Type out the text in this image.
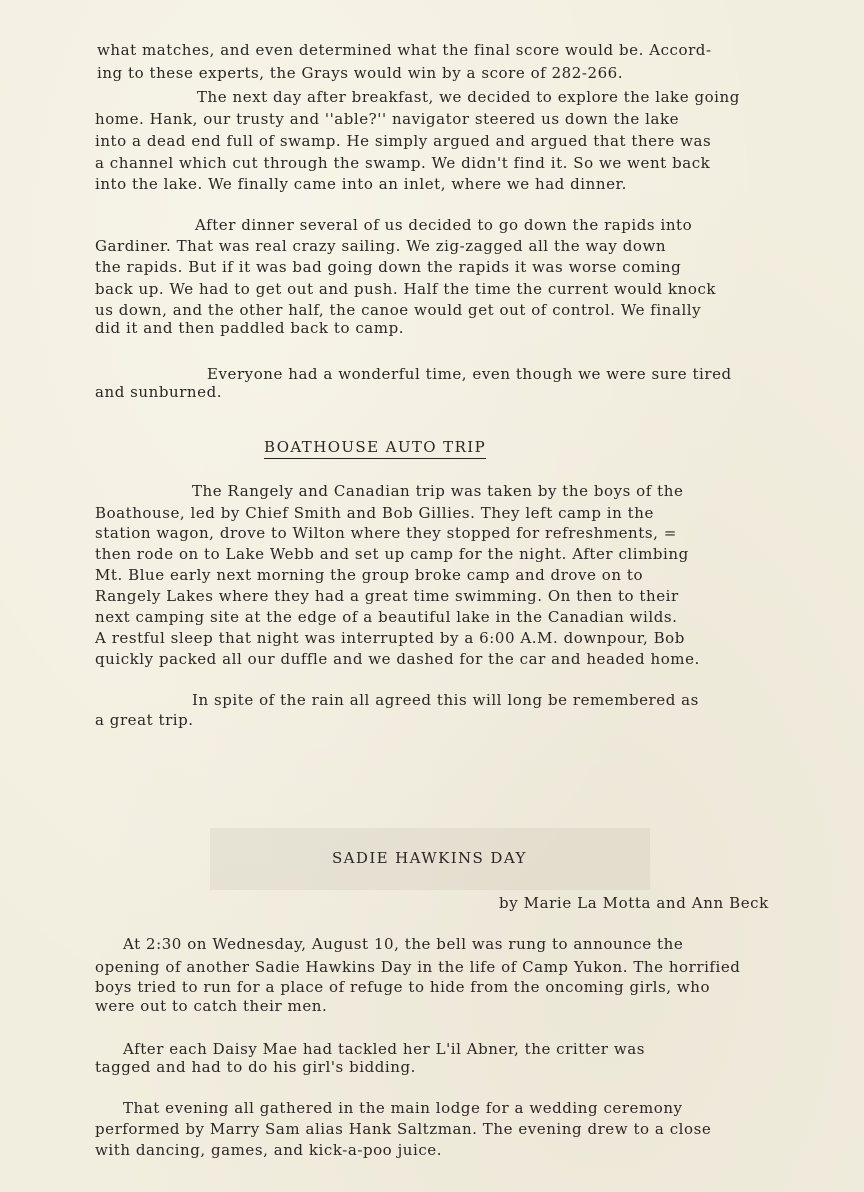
what matches, and even determined what the final score would be. Accord-

ing to these experts, the Grays would win by a score of 282-266.

The next day after breakfast, we decided to explore the lake going

home. Hank, our trusty and ''able?'' navigator steered us down the lake

into a dead end full of swamp. He simply argued and argued that there was

a channel which cut through the swamp. We didn't find it. So we went back

into the lake. We finally came into an inlet, where we had dinner.

After dinner several of us decided to go down the rapids into

Gardiner. That was real crazy sailing. We zig-zagged all the way down

the rapids. But if it was bad going down the rapids it was worse coming

back up. We had to get out and push. Half the time the current would knock

us down, and the other half, the canoe would get out of control. We finally

did it and then paddled back to camp.

Everyone had a wonderful time, even though we were sure tired

and sunburned.

BOATHOUSE AUTO TRIP

The Rangely and Canadian trip was taken by the boys of the

Boathouse, led by Chief Smith and Bob Gillies. They left camp in the

station wagon, drove to Wilton where they stopped for refreshments, =

then rode on to Lake Webb and set up camp for the night. After climbing

Mt. Blue early next morning the group broke camp and drove on to

Rangely Lakes where they had a great time swimming. On then to their

next camping site at the edge of a beautiful lake in the Canadian wilds.

A restful sleep that night was interrupted by a 6:00 A.M. downpour, Bob

quickly packed all our duffle and we dashed for the car and headed home.

In spite of the rain all agreed this will long be remembered as

a great trip.

SADIE HAWKINS DAY

by Marie La Motta and Ann Beck

At 2:30 on Wednesday, August 10, the bell was rung to announce the

opening of another Sadie Hawkins Day in the life of Camp Yukon. The horrified

boys tried to run for a place of refuge to hide from the oncoming girls, who

were out to catch their men.

After each Daisy Mae had tackled her L'il Abner, the critter was

tagged and had to do his girl's bidding.

That evening all gathered in the main lodge for a wedding ceremony

performed by Marry Sam alias Hank Saltzman. The evening drew to a close

with dancing, games, and kick-a-poo juice.
